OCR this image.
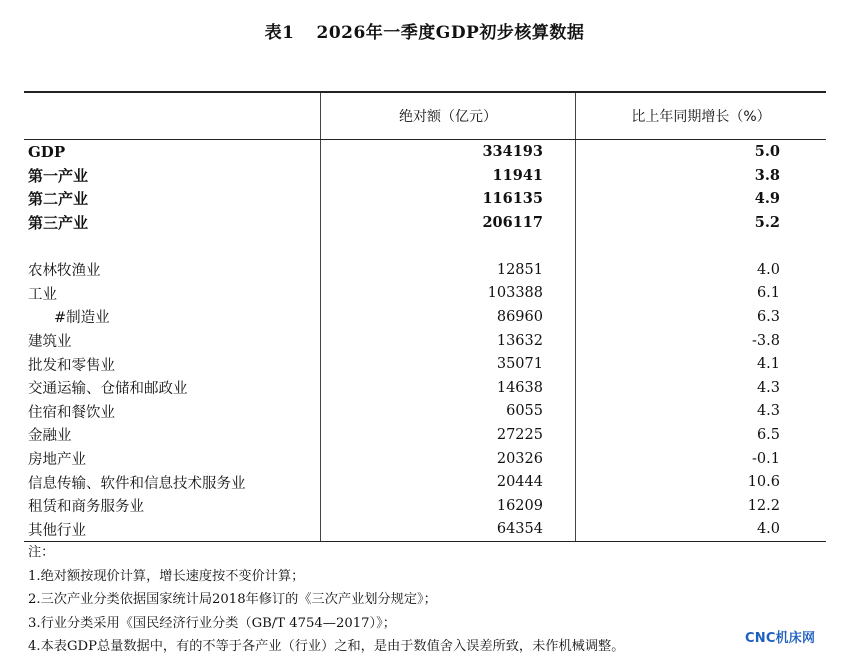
表1 2026年一季度GDP初步核算数据
	绝对额（亿元）	比上年同期增长（%）
GDP	334193	5.0
第一产业	11941	3.8
第二产业	116135	4.9
第三产业	206117	5.2

农林牧渔业	12851	4.0
工业	103388	6.1
#制造业	86960	6.3
建筑业	13632	-3.8
批发和零售业	35071	4.1
交通运输、仓储和邮政业	14638	4.3
住宿和餐饮业	6055	4.3
金融业	27225	6.5
房地产业	20326	-0.1
信息传输、软件和信息技术服务业	20444	10.6
租赁和商务服务业	16209	12.2
其他行业	64354	4.0
注：
1.绝对额按现价计算，增长速度按不变价计算；
2.三次产业分类依据国家统计局2018年修订的《三次产业划分规定》；
3.行业分类采用《国民经济行业分类（GB/T 4754—2017）》；
4.本表GDP总量数据中，有的不等于各产业（行业）之和，是由于数值舍入误差所致，未作机械调整。
CNC机床网
